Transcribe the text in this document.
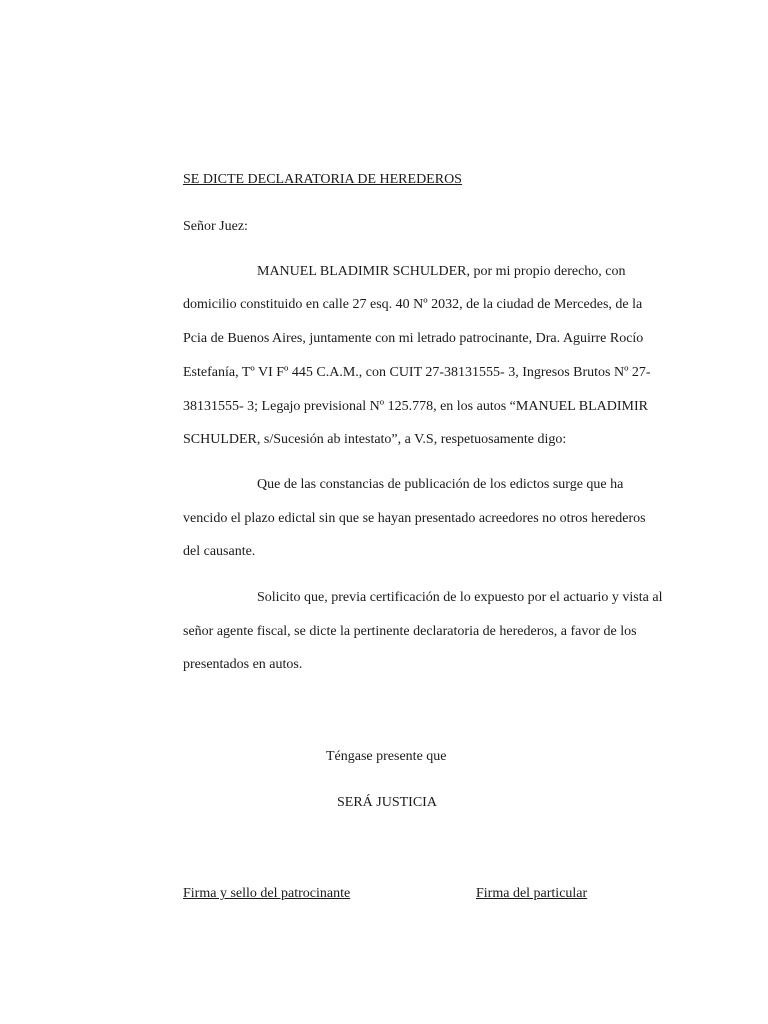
SE DICTE DECLARATORIA DE HEREDEROS
Señor Juez:
MANUEL BLADIMIR SCHULDER, por mi propio derecho, con
domicilio constituido en calle 27 esq. 40 Nº 2032, de la ciudad de Mercedes, de la
Pcia de Buenos Aires, juntamente con mi letrado patrocinante, Dra. Aguirre Rocío
Estefanía, Tº VI Fº 445 C.A.M., con CUIT 27-38131555- 3, Ingresos Brutos Nº 27-
38131555- 3; Legajo previsional Nº 125.778, en los autos “MANUEL BLADIMIR
SCHULDER, s/Sucesión ab intestato”, a V.S, respetuosamente digo:
Que de las constancias de publicación de los edictos surge que ha
vencido el plazo edictal sin que se hayan presentado acreedores no otros herederos
del causante.
Solicito que, previa certificación de lo expuesto por el actuario y vista al
señor agente fiscal, se dicte la pertinente declaratoria de herederos, a favor de los
presentados en autos.
Téngase presente que
SERÁ JUSTICIA
Firma y sello del patrocinante	Firma del particular
